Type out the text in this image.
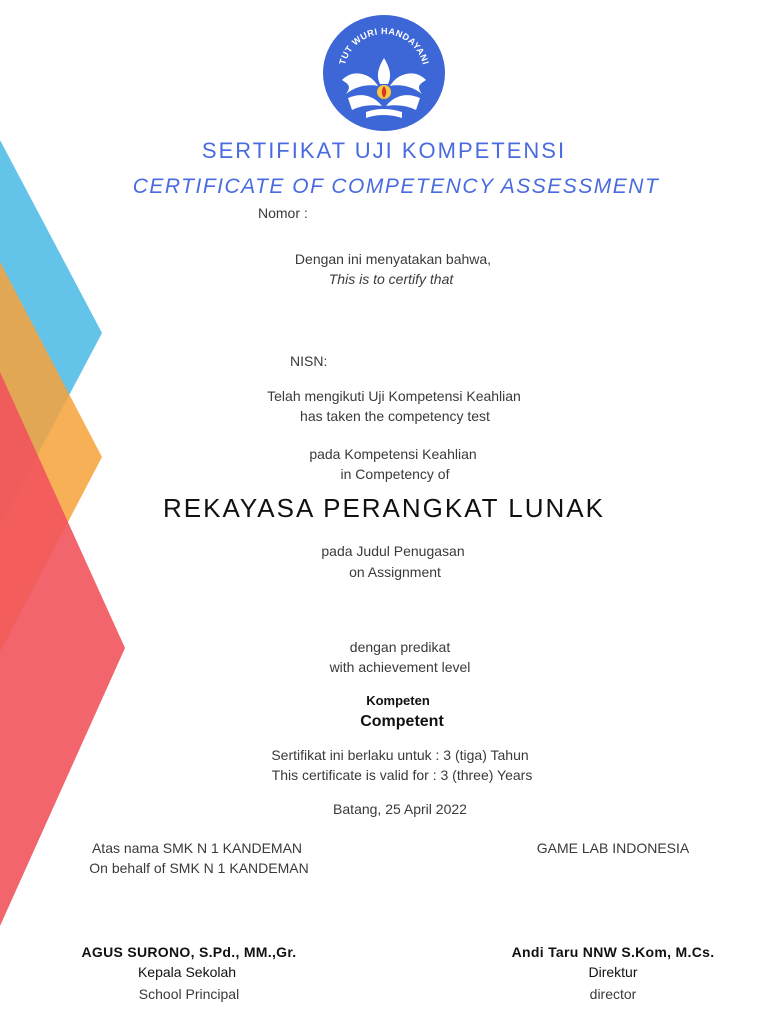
TUT WURI HANDAYANI
SERTIFIKAT UJI KOMPETENSI
CERTIFICATE OF COMPETENCY ASSESSMENT
Nomor :
Dengan ini menyatakan bahwa,
This is to certify that
NISN:
Telah mengikuti Uji Kompetensi Keahlian
has taken the competency test
pada Kompetensi Keahlian
in Competency of
REKAYASA PERANGKAT LUNAK
pada Judul Penugasan
on Assignment
dengan predikat
with achievement level
Kompeten
Competent
Sertifikat ini berlaku untuk : 3 (tiga) Tahun
This certificate is valid for : 3 (three) Years
Batang, 25 April 2022
Atas nama SMK N 1 KANDEMAN
On behalf of SMK N 1 KANDEMAN
AGUS SURONO, S.Pd., MM.,Gr.
Kepala Sekolah
School Principal
GAME LAB INDONESIA
Andi Taru NNW S.Kom, M.Cs.
Direktur
director
